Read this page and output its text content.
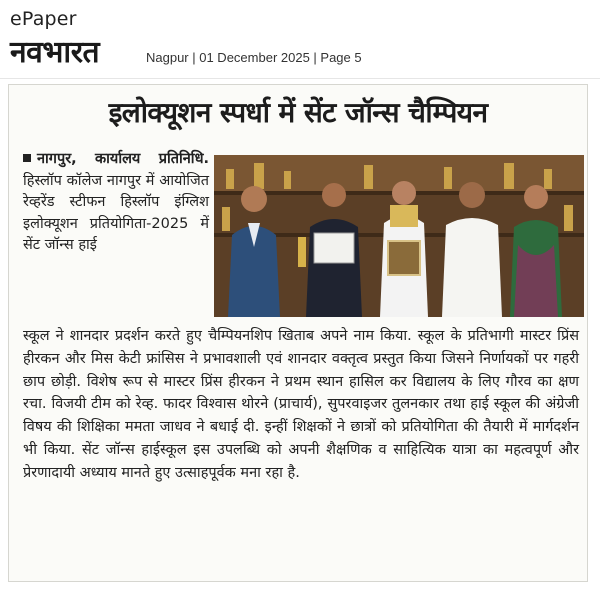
ePaper
नवभारत	Nagpur | 01 December 2025 | Page 5
इलोक्यूशन स्पर्धा में सेंट जॉन्स चैम्पियन
नागपुर, कार्यालय प्रतिनिधि. हिस्लॉप कॉलेज नागपुर में आयोजित रेव्हरेंड स्टीफन हिस्लॉप इंग्लिश इलोक्यूशन प्रतियोगिता-2025 में सेंट जॉन्स हाई
स्कूल ने शानदार प्रदर्शन करते हुए चैम्पियनशिप खिताब अपने नाम किया. स्कूल के प्रतिभागी मास्टर प्रिंस हीरकन और मिस केटी फ्रांसिस ने प्रभावशाली एवं शानदार वक्तृत्व प्रस्तुत किया जिसने निर्णायकों पर गहरी छाप छोड़ी. विशेष रूप से मास्टर प्रिंस हीरकन ने प्रथम स्थान हासिल कर विद्यालय के लिए गौरव का क्षण रचा. विजयी टीम को रेव्ह. फादर विश्वास थोरने (प्राचार्य), सुपरवाइजर तुलनकार तथा हाई स्कूल की अंग्रेजी विषय की शिक्षिका ममता जाधव ने बधाई दी. इन्हीं शिक्षकों ने छात्रों को प्रतियोगिता की तैयारी में मार्गदर्शन भी किया. सेंट जॉन्स हाईस्कूल इस उपलब्धि को अपनी शैक्षणिक व साहित्यिक यात्रा का महत्वपूर्ण और प्रेरणादायी अध्याय मानते हुए उत्साहपूर्वक मना रहा है.
